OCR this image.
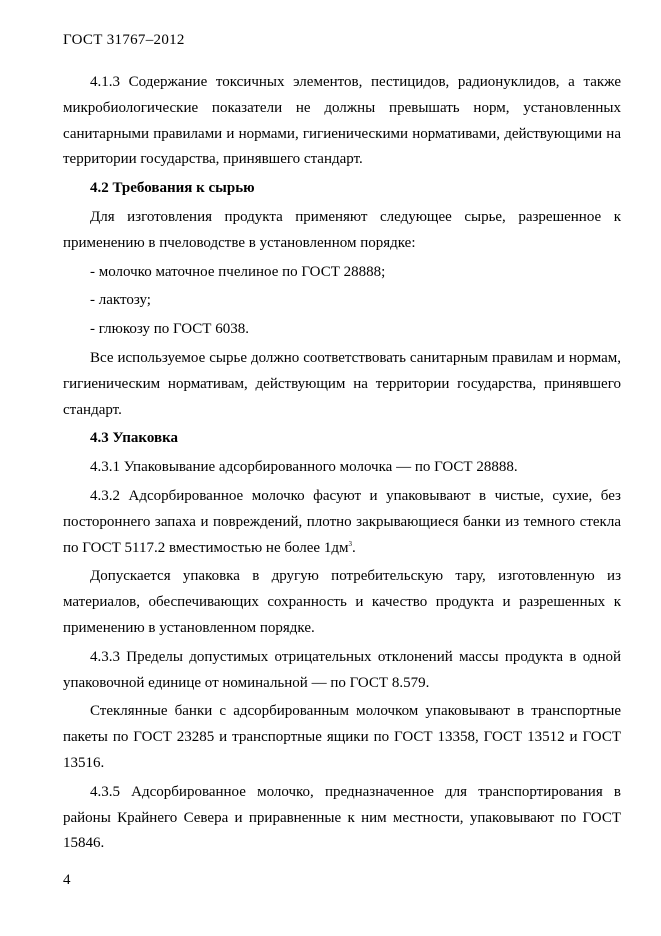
ГОСТ 31767–2012

4.1.3 Содержание токсичных элементов, пестицидов, радионуклидов, а также микробиологические показатели не должны превышать норм, установленных санитарными правилами и нормами, гигиеническими нормативами, действующими на территории государства, принявшего стандарт.

4.2 Требования к сырью

Для изготовления продукта применяют следующее сырье, разрешенное к применению в пчеловодстве в установленном порядке:

- молочко маточное пчелиное по ГОСТ 28888;

- лактозу;

- глюкозу по ГОСТ 6038.

Все используемое сырье должно соответствовать санитарным правилам и нормам, гигиеническим нормативам, действующим на территории государства, принявшего стандарт.

4.3 Упаковка

4.3.1 Упаковывание адсорбированного молочка — по ГОСТ 28888.

4.3.2 Адсорбированное молочко фасуют и упаковывают в чистые, сухие, без постороннего запаха и повреждений, плотно закрывающиеся банки из темного стекла по ГОСТ 5117.2 вместимостью не более $1дм^3$.

Допускается упаковка в другую потребительскую тару, изготовленную из материалов, обеспечивающих сохранность и качество продукта и разрешенных к применению в установленном порядке.

4.3.3 Пределы допустимых отрицательных отклонений массы продукта в одной упаковочной единице от номинальной — по ГОСТ 8.579.

Стеклянные банки с адсорбированным молочком упаковывают в транспортные пакеты по ГОСТ 23285 и транспортные ящики по ГОСТ 13358, ГОСТ 13512 и ГОСТ 13516.

4.3.5 Адсорбированное молочко, предназначенное для транспортирования в районы Крайнего Севера и приравненные к ним местности, упаковывают по ГОСТ 15846.

4
